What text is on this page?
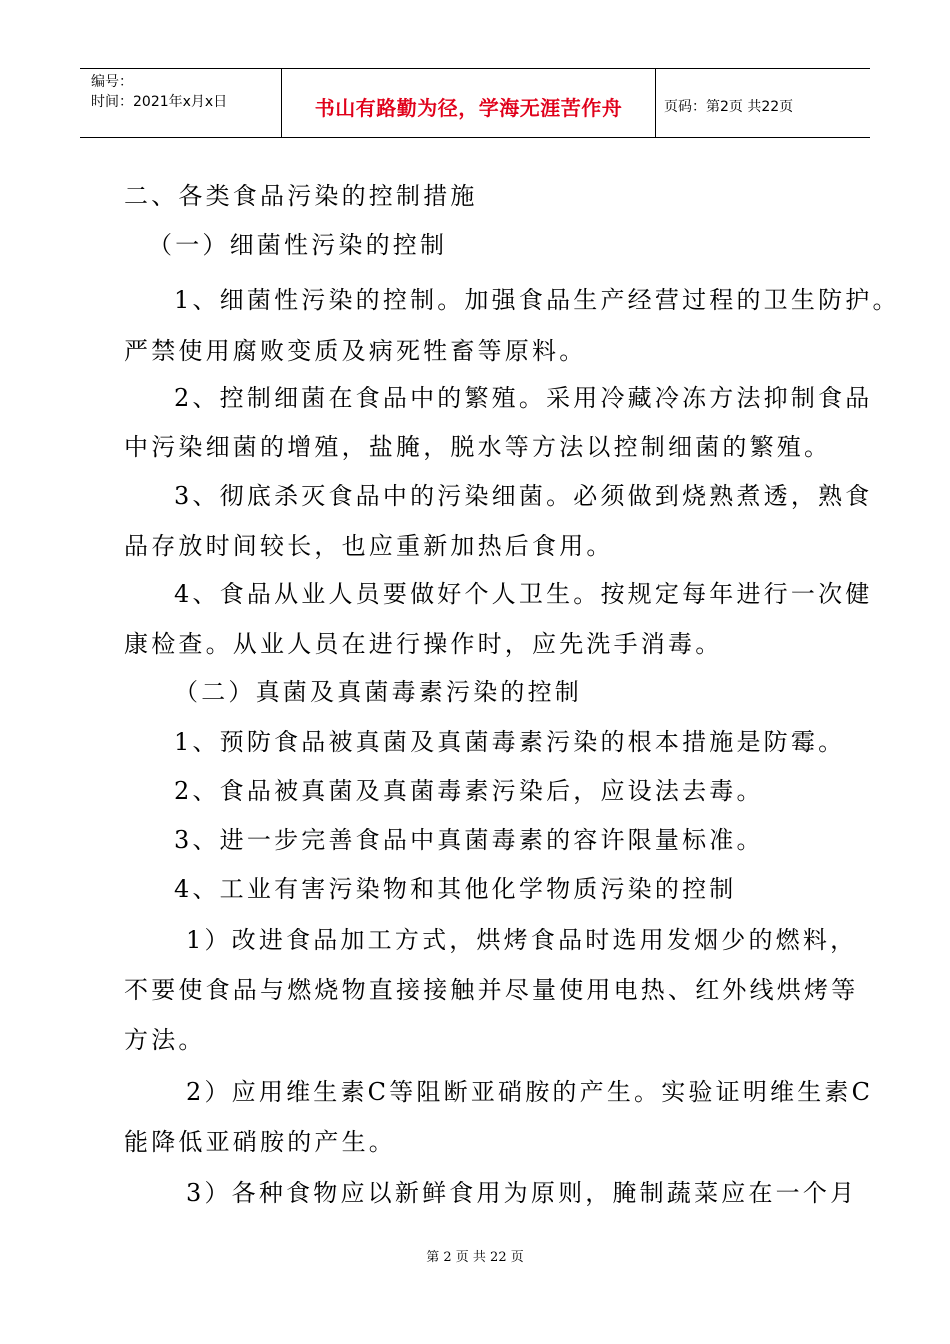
编号：
时间：2021年x月x日	书山有路勤为径，学海无涯苦作舟	页码：第2页 共22页
二、各类食品污染的控制措施
（一）细菌性污染的控制
1、细菌性污染的控制。加强食品生产经营过程的卫生防护。
严禁使用腐败变质及病死牲畜等原料。
2、控制细菌在食品中的繁殖。采用冷藏冷冻方法抑制食品
中污染细菌的增殖，盐腌，脱水等方法以控制细菌的繁殖。
3、彻底杀灭食品中的污染细菌。必须做到烧熟煮透，熟食
品存放时间较长，也应重新加热后食用。
4、食品从业人员要做好个人卫生。按规定每年进行一次健
康检查。从业人员在进行操作时，应先洗手消毒。
（二）真菌及真菌毒素污染的控制
1、预防食品被真菌及真菌毒素污染的根本措施是防霉。
2、食品被真菌及真菌毒素污染后，应设法去毒。
3、进一步完善食品中真菌毒素的容许限量标准。
4、工业有害污染物和其他化学物质污染的控制
1）改进食品加工方式，烘烤食品时选用发烟少的燃料，
不要使食品与燃烧物直接接触并尽量使用电热、红外线烘烤等
方法。
2）应用维生素C等阻断亚硝胺的产生。实验证明维生素C
能降低亚硝胺的产生。
3）各种食物应以新鲜食用为原则，腌制蔬菜应在一个月
第 2 页 共 22 页
